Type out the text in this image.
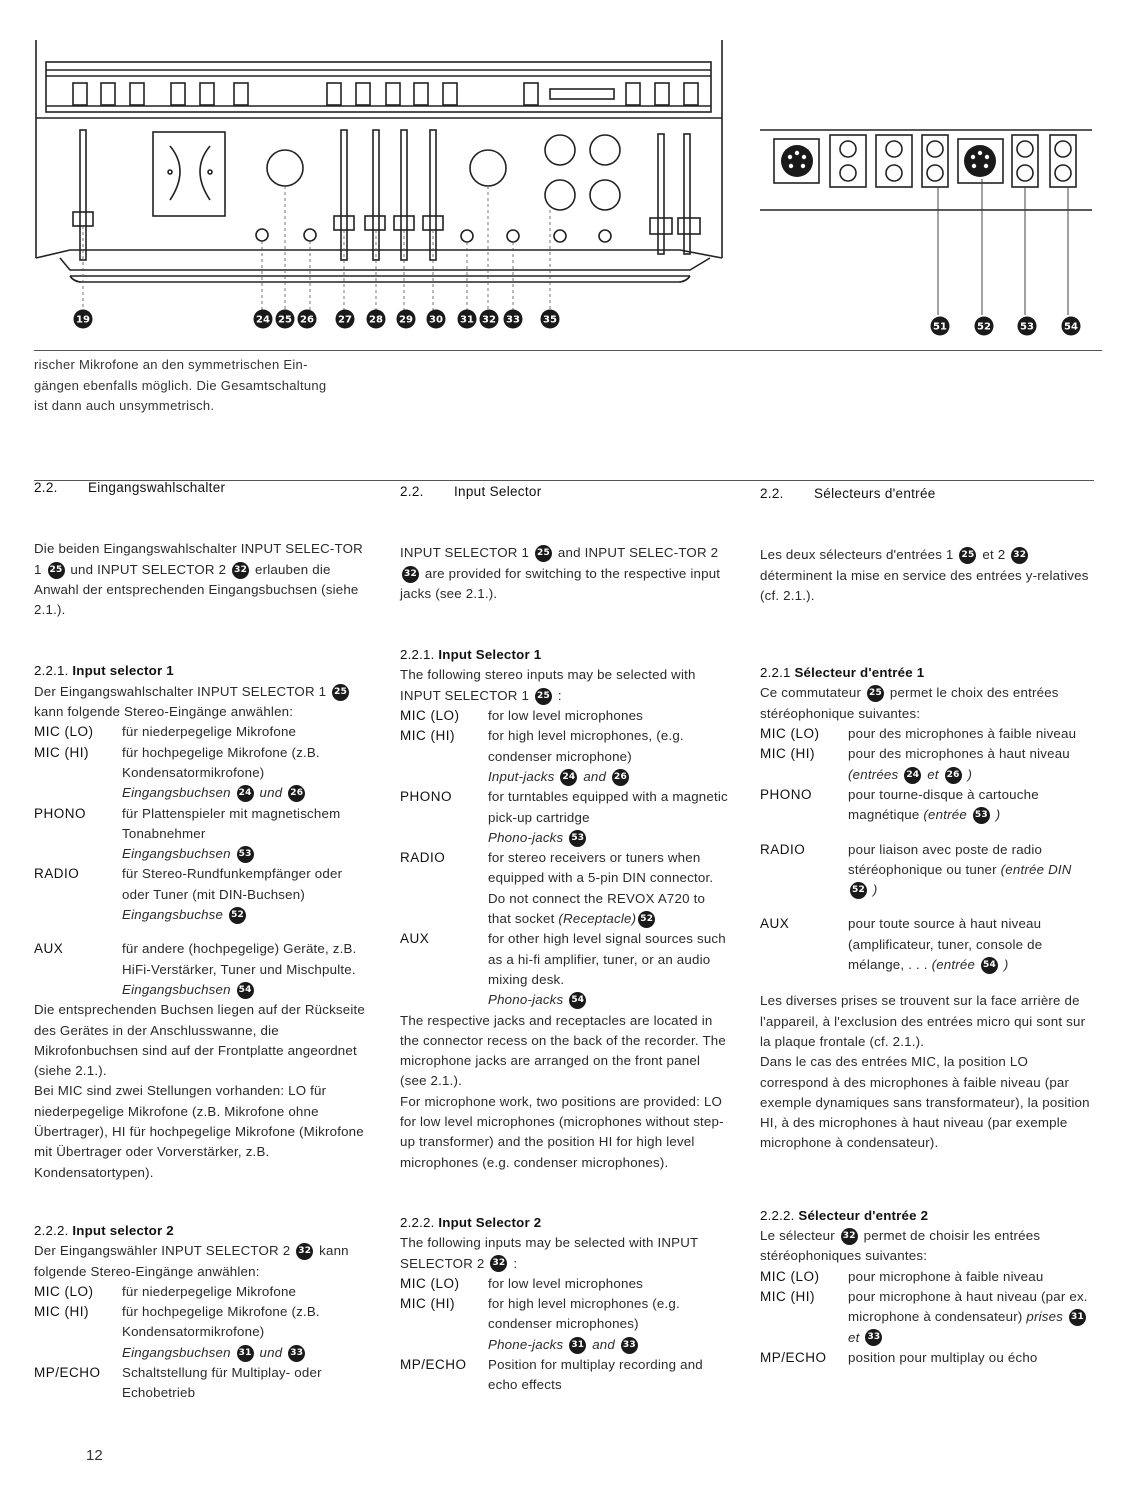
19	24 25 26 27 28 29 30 31 32 33 35
51	52	53	54
rischer Mikrofone an den symmetrischen Ein-
gängen ebenfalls möglich. Die Gesamtschaltung
ist dann auch unsymmetrisch.
2.2. Eingangswahlschalter

Die beiden Eingangswahlschalter INPUT SELEC-TOR 1 25 und INPUT SELECTOR 2 32 erlauben die Anwahl der entsprechenden Eingangsbuchsen (siehe 2.1.).

2.2.1. Input selector 1

Der Eingangswahlschalter INPUT SELECTOR 1 25 kann folgende Stereo-Eingänge anwählen:

MIC (LO)	für niederpegelige Mikrofone
MIC (HI)	für hochpegelige Mikrofone (z.B. Kondensatormikrofone)
Eingangsbuchsen 24 und 26
PHONO	für Plattenspieler mit magnetischem Tonabnehmer
Eingangsbuchsen 53
RADIO	für Stereo-Rundfunkempfänger oder oder Tuner (mit DIN-Buchsen)
Eingangsbuchse 52
AUX	für andere (hochpegelige) Geräte, z.B. HiFi-Verstärker, Tuner und Mischpulte.
Eingangsbuchsen 54

Die entsprechenden Buchsen liegen auf der Rückseite des Gerätes in der Anschlusswanne, die Mikrofonbuchsen sind auf der Frontplatte angeordnet (siehe 2.1.).

Bei MIC sind zwei Stellungen vorhanden: LO für niederpegelige Mikrofone (z.B. Mikrofone ohne Übertrager), HI für hochpegelige Mikrofone (Mikrofone mit Übertrager oder Vorverstärker, z.B. Kondensatortypen).

2.2.2. Input selector 2

Der Eingangswähler INPUT SELECTOR 2 32 kann folgende Stereo-Eingänge anwählen:

MIC (LO)	für niederpegelige Mikrofone
MIC (HI)	für hochpegelige Mikrofone (z.B. Kondensatormikrofone)
Eingangsbuchsen 31 und 33
MP/ECHO	Schaltstellung für Multiplay- oder Echobetrieb
2.2. Input Selector

INPUT SELECTOR 1 25 and INPUT SELEC-TOR 2 32 are provided for switching to the respective input jacks (see 2.1.).

2.2.1. Input Selector 1

The following stereo inputs may be selected with INPUT SELECTOR 1 25 :

MIC (LO)	for low level microphones
MIC (HI)	for high level microphones, (e.g. condenser microphone)
Input-jacks 24 and 26
PHONO	for turntables equipped with a magnetic pick-up cartridge
Phono-jacks 53
RADIO	for stereo receivers or tuners when equipped with a 5-pin DIN connector. Do not connect the REVOX A720 to that socket (Receptacle) 52
AUX	for other high level signal sources such as a hi-fi amplifier, tuner, or an audio mixing desk.
Phono-jacks 54

The respective jacks and receptacles are located in the connector recess on the back of the recorder. The microphone jacks are arranged on the front panel (see 2.1.).

For microphone work, two positions are provided: LO for low level microphones (microphones without step-up transformer) and the position HI for high level microphones (e.g. condenser microphones).

2.2.2. Input Selector 2

The following inputs may be selected with INPUT SELECTOR 2 32 :

MIC (LO)	for low level microphones
MIC (HI)	for high level microphones (e.g. condenser microphones)
Phone-jacks 31 and 33
MP/ECHO	Position for multiplay recording and echo effects
2.2. Sélecteurs d'entrée

Les deux sélecteurs d'entrées 1 25 et 2 32 déterminent la mise en service des entrées y-relatives (cf. 2.1.).

2.2.1 Sélecteur d'entrée 1

Ce commutateur 25 permet le choix des entrées stéréophonique suivantes:

MIC (LO)	pour des microphones à faible niveau
MIC (HI)	pour des microphones à haut niveau (entrées 24 et 26 )
PHONO	pour tourne-disque à cartouche magnétique (entrée 53 )
RADIO	pour liaison avec poste de radio stéréophonique ou tuner (entrée DIN 52 )
AUX	pour toute source à haut niveau (amplificateur, tuner, console de mélange, . . . (entrée 54 )

Les diverses prises se trouvent sur la face arrière de l'appareil, à l'exclusion des entrées micro qui sont sur la plaque frontale (cf. 2.1.).

Dans le cas des entrées MIC, la position LO correspond à des microphones à faible niveau (par exemple dynamiques sans transformateur), la position HI, à des microphones à haut niveau (par exemple microphone à condensateur).

2.2.2. Sélecteur d'entrée 2

Le sélecteur 32 permet de choisir les entrées stéréophoniques suivantes:

MIC (LO)	pour microphone à faible niveau
MIC (HI)	pour microphone à haut niveau (par ex. microphone à condensateur) prises 31 et 33
MP/ECHO	position pour multiplay ou écho
12
